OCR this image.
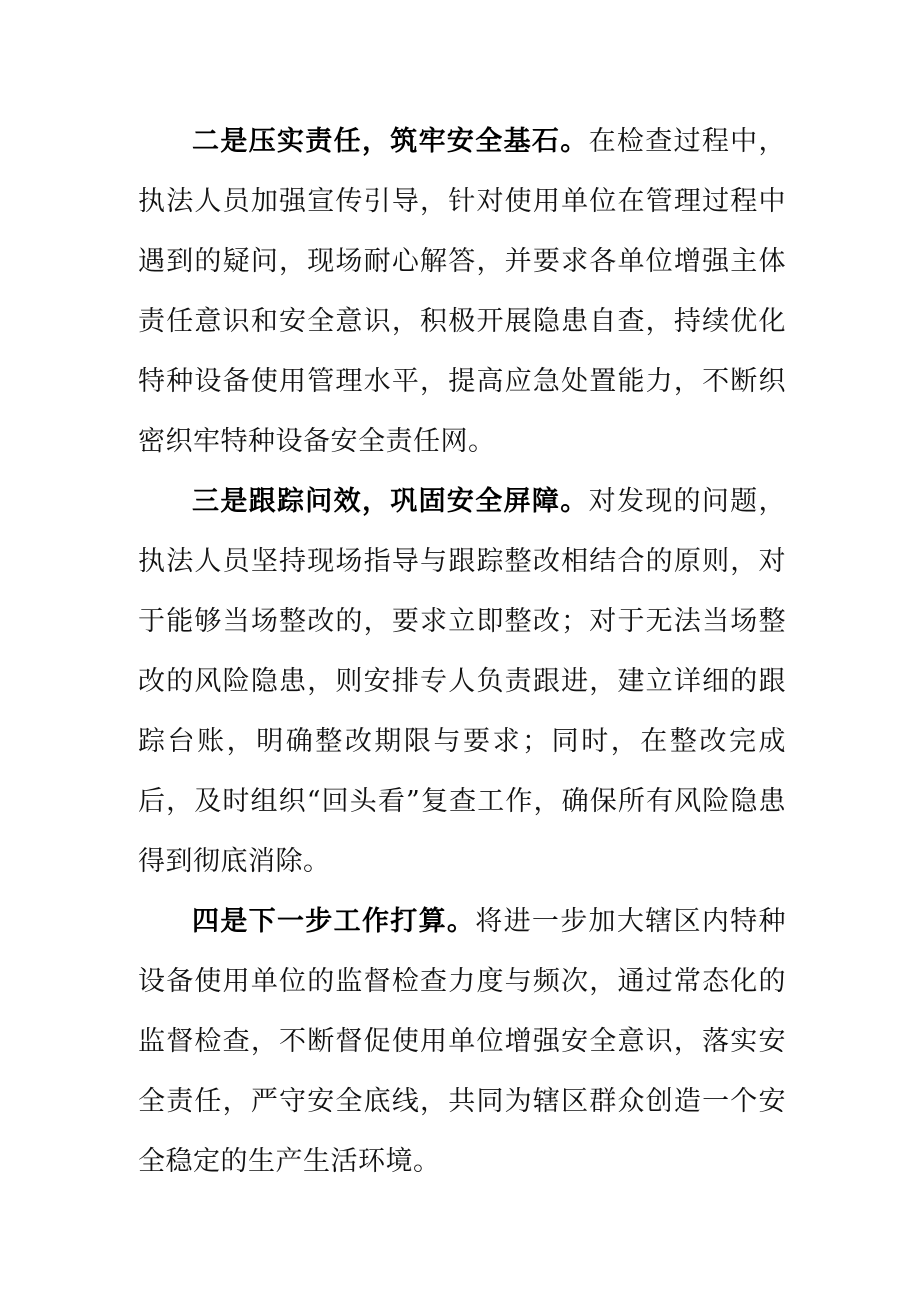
二是压实责任，筑牢安全基石。在检查过程中，执法人员加强宣传引导，针对使用单位在管理过程中遇到的疑问，现场耐心解答，并要求各单位增强主体责任意识和安全意识，积极开展隐患自查，持续优化特种设备使用管理水平，提高应急处置能力，不断织密织牢特种设备安全责任网。

三是跟踪问效，巩固安全屏障。对发现的问题，执法人员坚持现场指导与跟踪整改相结合的原则，对于能够当场整改的，要求立即整改；对于无法当场整改的风险隐患，则安排专人负责跟进，建立详细的跟踪台账，明确整改期限与要求；同时，在整改完成后，及时组织“回头看”复查工作，确保所有风险隐患得到彻底消除。

四是下一步工作打算。将进一步加大辖区内特种设备使用单位的监督检查力度与频次，通过常态化的监督检查，不断督促使用单位增强安全意识，落实安全责任，严守安全底线，共同为辖区群众创造一个安全稳定的生产生活环境。
